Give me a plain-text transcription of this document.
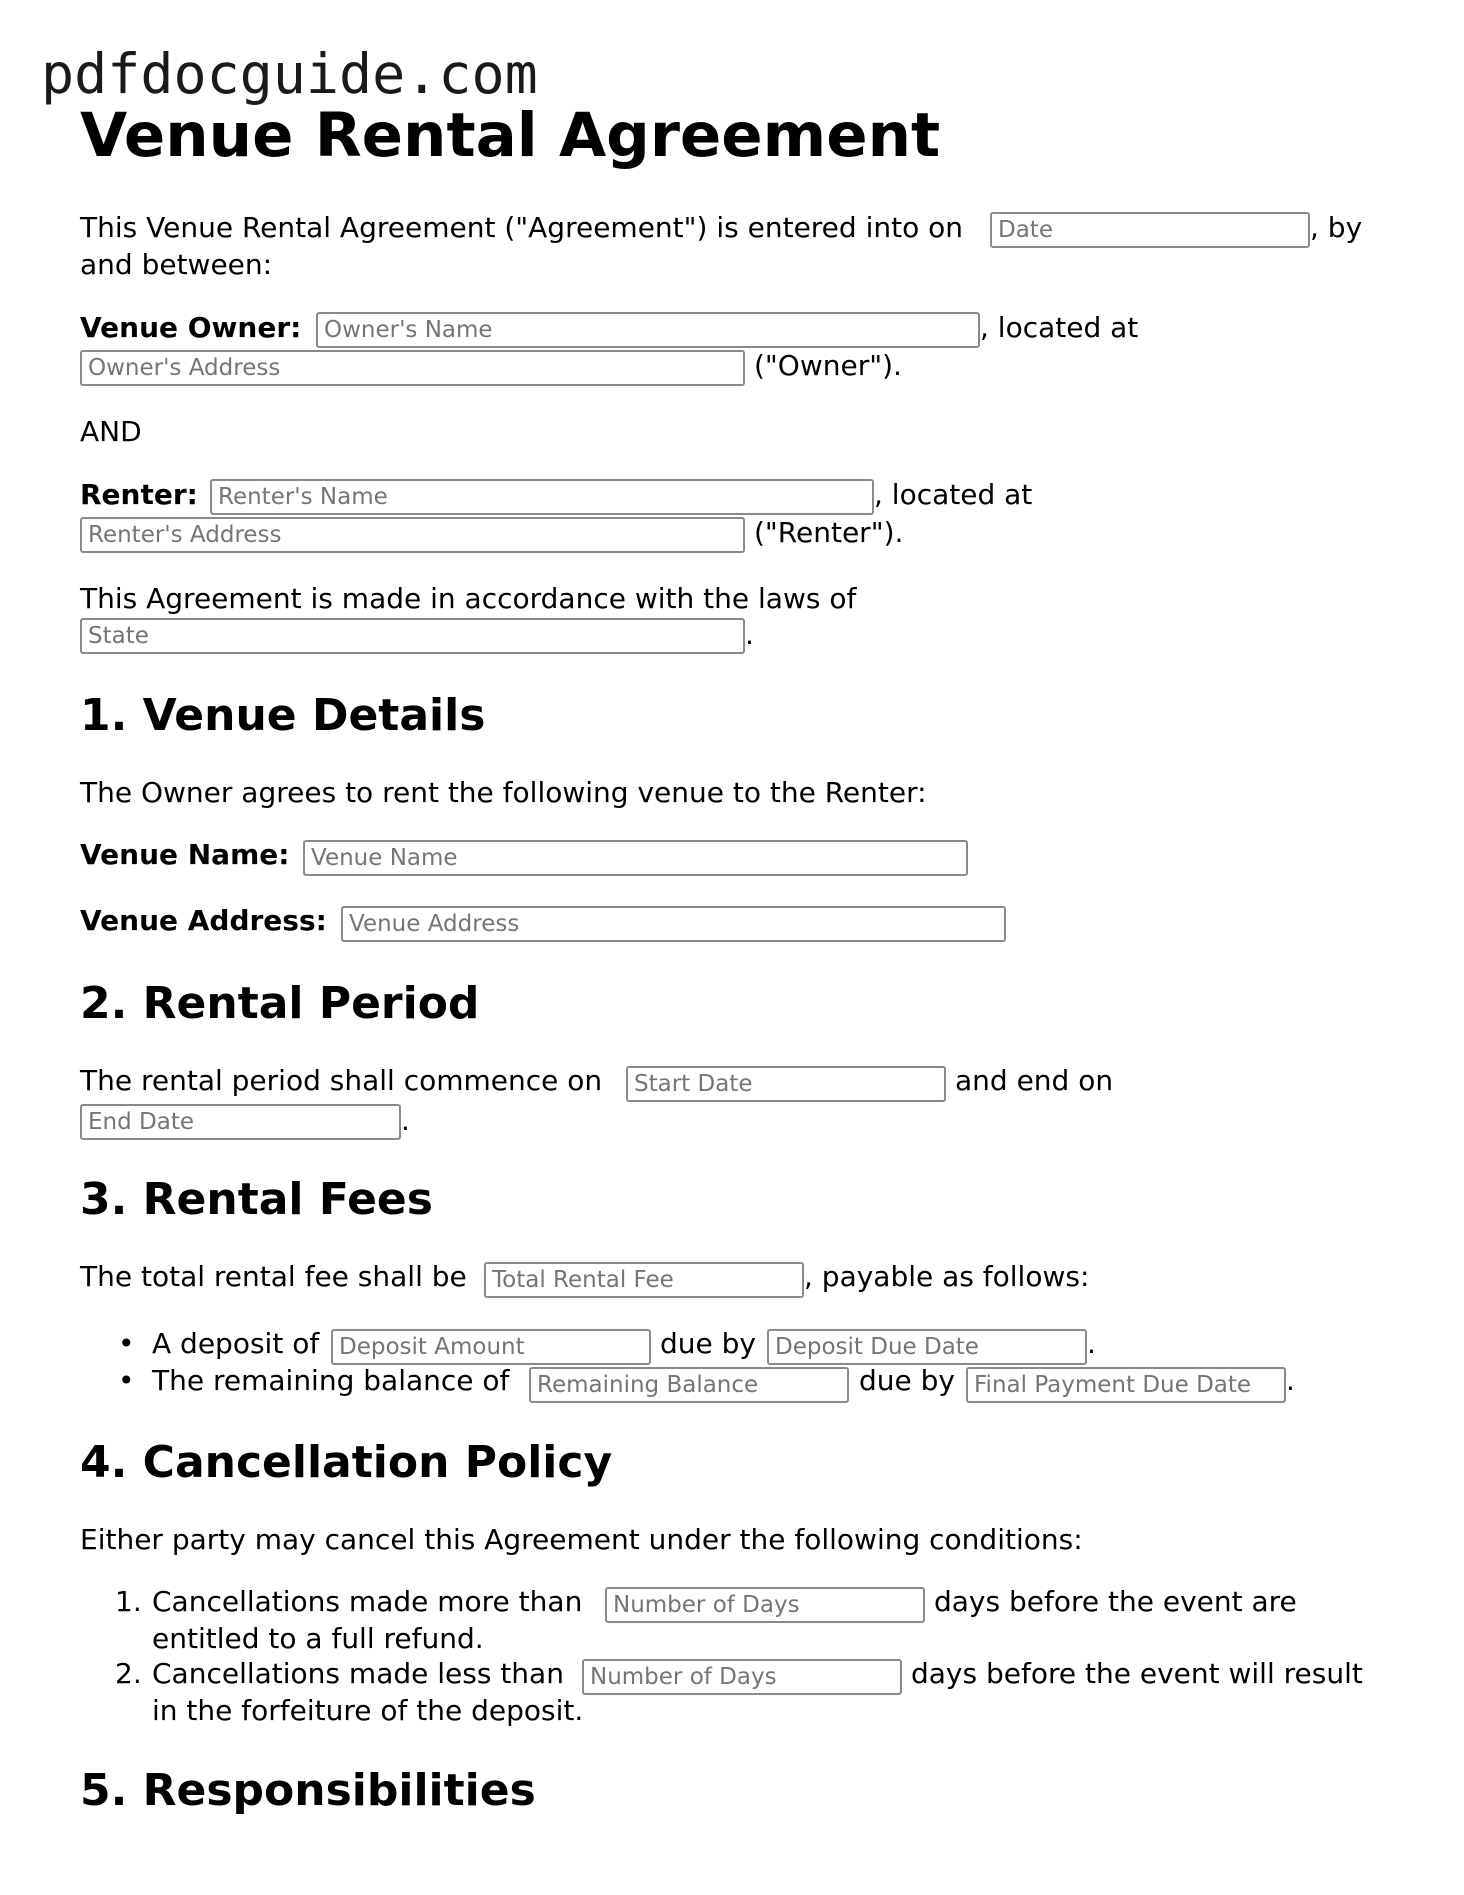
pdfdocguide.com
Venue Rental Agreement
This Venue Rental Agreement ("Agreement") is entered into on	Date	, by
and between:
Venue Owner: Owner's Name	, located at
Owner's Address	("Owner").
AND
Renter: Renter's Name	, located at
Renter's Address	("Renter").
This Agreement is made in accordance with the laws of
State	.
1. Venue Details
The Owner agrees to rent the following venue to the Renter:
Venue Name: Venue Name
Venue Address: Venue Address
2. Rental Period
The rental period shall commence on	Start Date	and end on
End Date	.
3. Rental Fees
The total rental fee shall be	Total Rental Fee	, payable as follows:
• A deposit of Deposit Amount	due by Deposit Due Date	.
• The remaining balance of	Remaining Balance	due by Final Payment Due Date	.
4. Cancellation Policy
Either party may cancel this Agreement under the following conditions:
1. Cancellations made more than	Number of Days	days before the event are
entitled to a full refund.
2. Cancellations made less than	Number of Days	days before the event will result
in the forfeiture of the deposit.
5. Responsibilities
